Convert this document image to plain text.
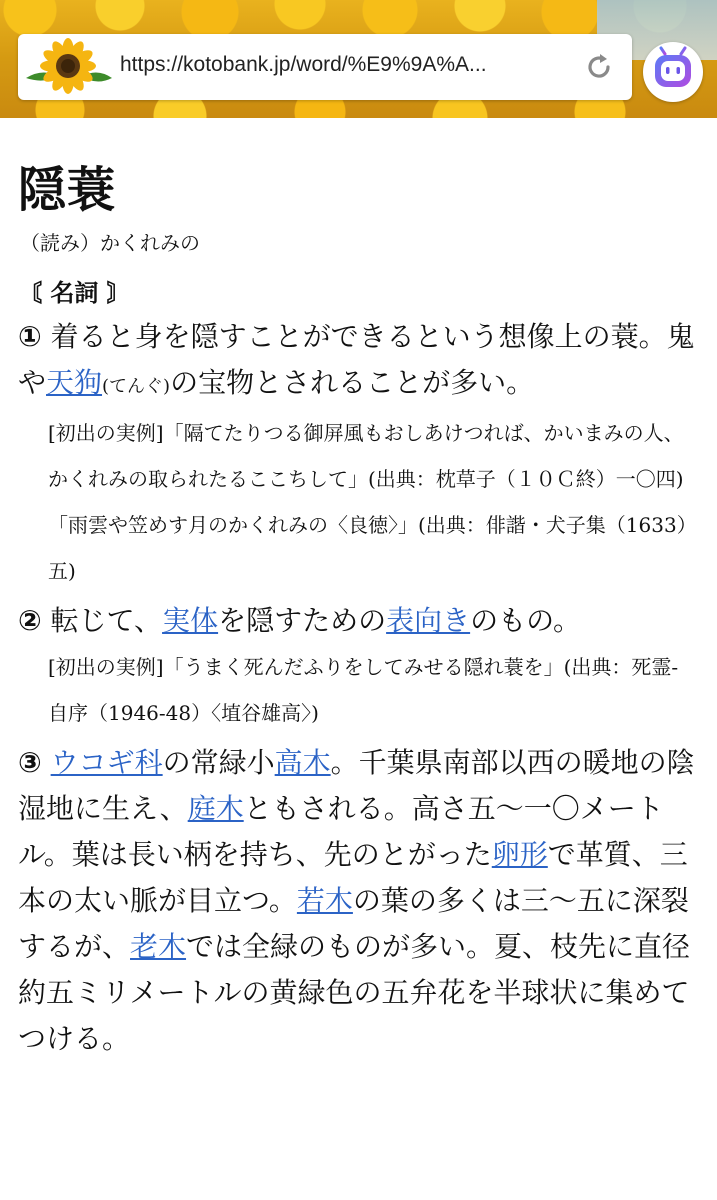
https://kotobank.jp/word/%E9%9A%A...
隠蓑
（読み）かくれみの
〘 名詞 〙
① 着ると身を隠すことができるという想像上の蓑。鬼や天狗(てんぐ)の宝物とされることが多い。

[初出の実例]「隔てたりつる御屏風もおしあけつれば、かいまみの人、かくれみの取られたるここちして」(出典：枕草子（１０Ｃ終）一〇四)

「雨雲や笠めす月のかくれみの〈良徳〉」(出典：俳諧・犬子集（1633）五)

② 転じて、実体を隠すための表向きのもの。

[初出の実例]「うまく死んだふりをしてみせる隠れ蓑を」(出典：死霊-自序（1946-48）〈埴谷雄高〉)

③ ウコギ科の常緑小高木。千葉県南部以西の暖地の陰湿地に生え、庭木ともされる。高さ五〜一〇メートル。葉は長い柄を持ち、先のとがった卵形で革質、三本の太い脈が目立つ。若木の葉の多くは三〜五に深裂するが、老木では全緑のものが多い。夏、枝先に直径約五ミリメートルの黄緑色の五弁花を半球状に集めてつける。
